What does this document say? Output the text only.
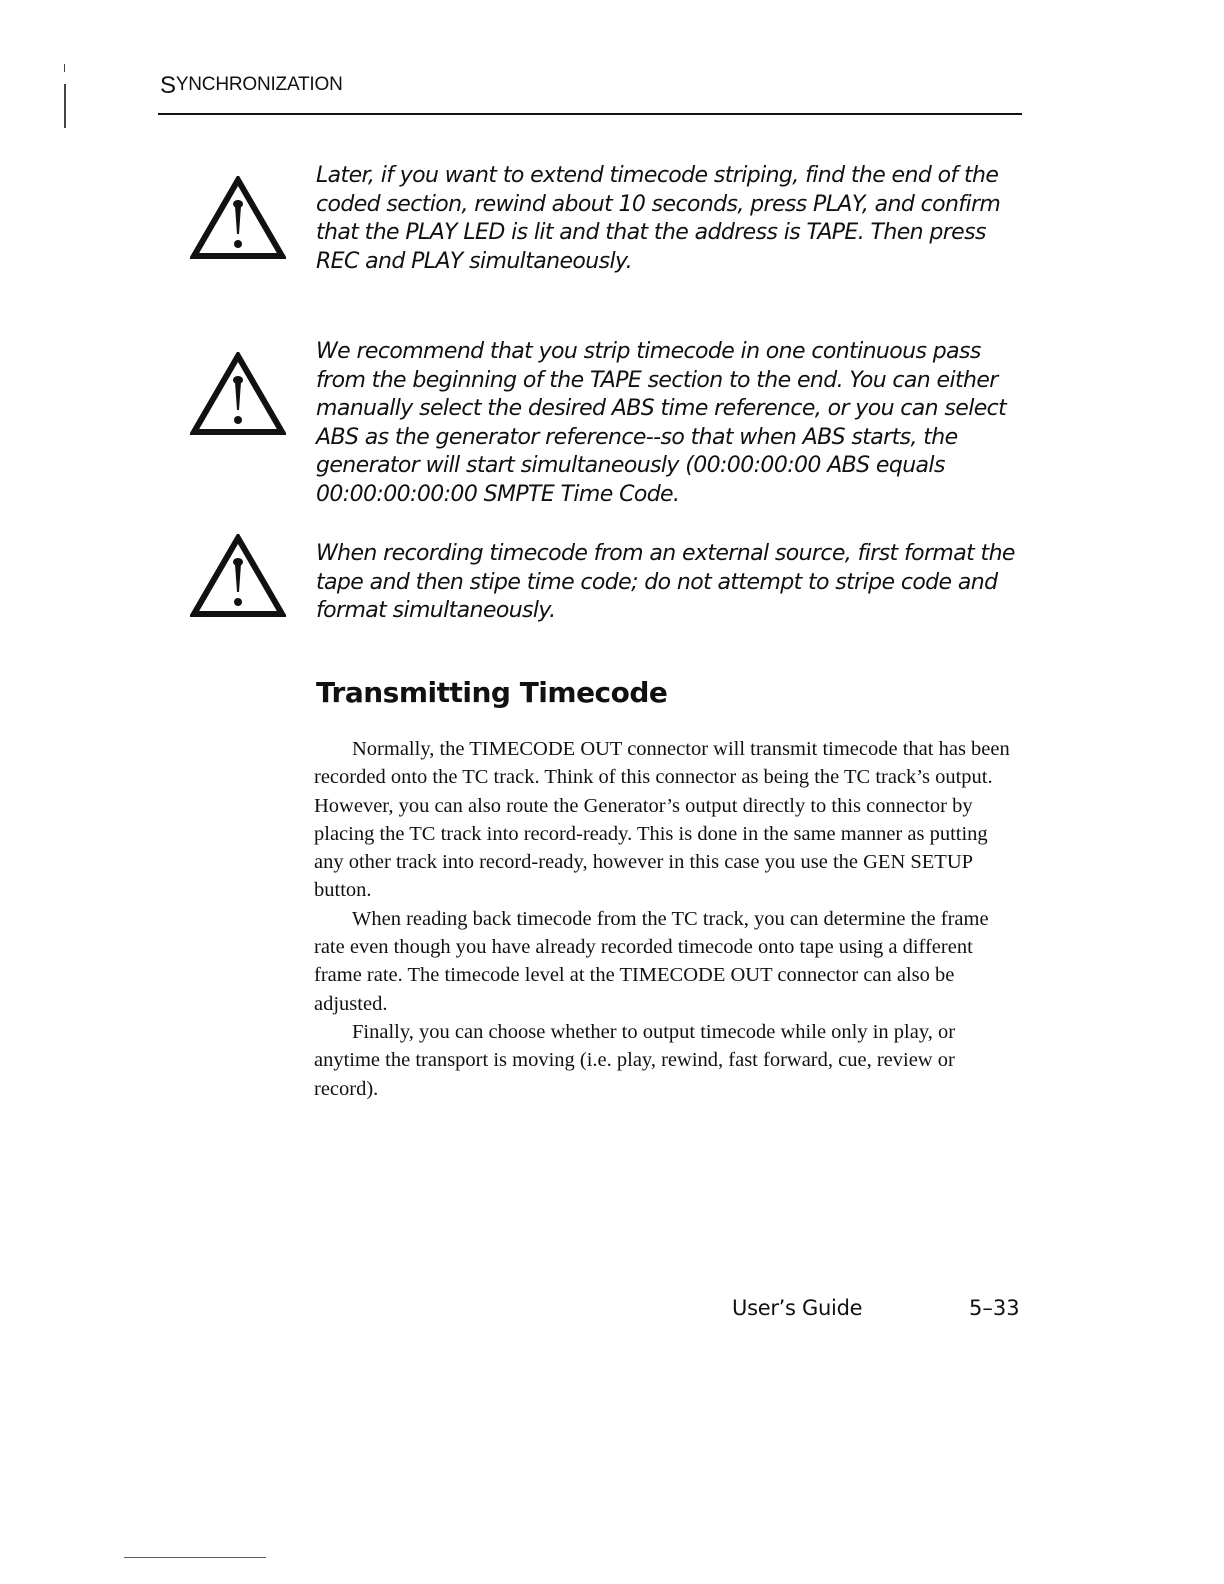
SYNCHRONIZATION

Later, if you want to extend timecode striping, find the end of the coded section, rewind about 10 seconds, press PLAY, and confirm that the PLAY LED is lit and that the address is TAPE. Then press REC and PLAY simultaneously.

We recommend that you strip timecode in one continuous pass from the beginning of the TAPE section to the end. You can either manually select the desired ABS time reference, or you can select ABS as the generator reference--so that when ABS starts, the generator will start simultaneously (00:00:00:00 ABS equals 00:00:00:00:00 SMPTE Time Code.

When recording timecode from an external source, first format the tape and then stipe time code; do not attempt to stripe code and format simultaneously.

Transmitting Timecode

Normally, the TIMECODE OUT connector will transmit timecode that has been recorded onto the TC track. Think of this connector as being the TC track’s output. However, you can also route the Generator’s output directly to this connector by placing the TC track into record-ready. This is done in the same manner as putting any other track into record-ready, however in this case you use the GEN SETUP button.

When reading back timecode from the TC track, you can determine the frame rate even though you have already recorded timecode onto tape using a different frame rate. The timecode level at the TIMECODE OUT connector can also be adjusted.

Finally, you can choose whether to output timecode while only in play, or anytime the transport is moving (i.e. play, rewind, fast forward, cue, review or record).

User’s Guide	5–33
